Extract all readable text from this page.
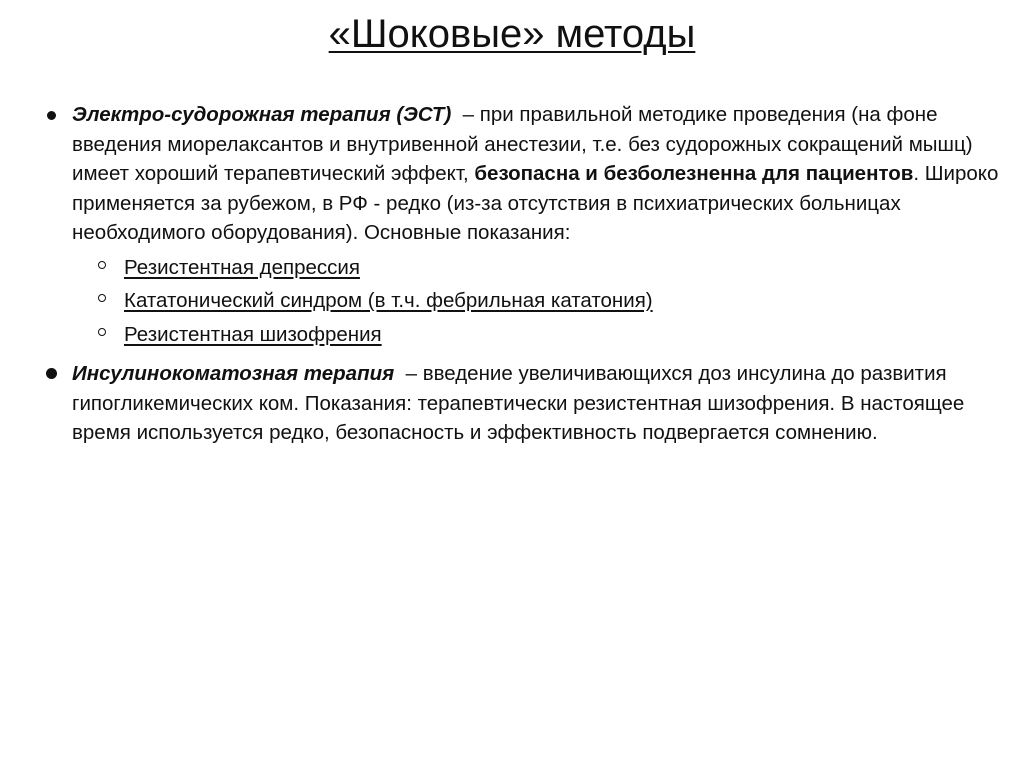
«Шоковые» методы
Электро-судорожная терапия (ЭСТ)  – при правильной методике проведения (на фоне введения миорелаксантов и внутривенной анестезии, т.е. без судорожных сокращений мышц) имеет хороший терапевтический эффект, безопасна и безболезненна для пациентов. Широко применяется за рубежом, в РФ - редко (из-за отсутствия в психиатрических больницах необходимого оборудования). Основные показания:
Резистентная депрессия
Кататонический синдром (в т.ч. фебрильная кататония)
Резистентная шизофрения
Инсулинокоматозная терапия  – введение увеличивающихся доз инсулина до развития гипогликемических ком. Показания: терапевтически резистентная шизофрения. В настоящее время используется редко, безопасность и эффективность подвергается сомнению.
